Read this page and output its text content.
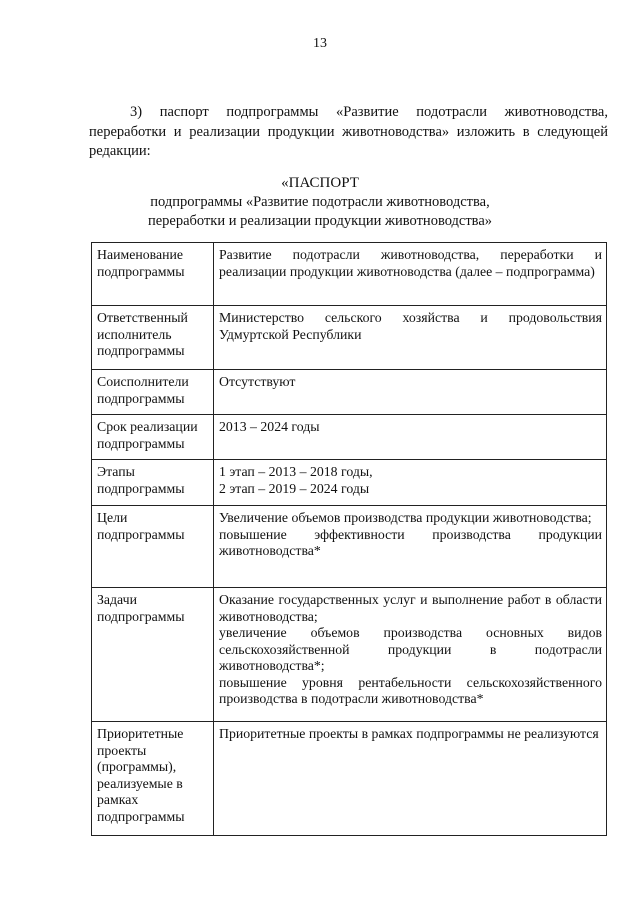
13
3) паспорт подпрограммы «Развитие подотрасли животноводства, переработки и реализации продукции животноводства» изложить в следующей редакции:
«ПАСПОРТ
подпрограммы «Развитие подотрасли животноводства,
переработки и реализации продукции животноводства»
Наименование подпрограммы	Развитие подотрасли животноводства, переработки и реализации продукции животноводства (далее – подпрограмма)
Ответственный исполнитель подпрограммы	Министерство сельского хозяйства и продовольствия Удмуртской Республики
Соисполнители подпрограммы	Отсутствуют
Срок реализации подпрограммы	2013 – 2024 годы
Этапы подпрограммы	1 этап – 2013 – 2018 годы,
2 этап – 2019 – 2024 годы

Цели подпрограммы	Увеличение объемов производства продукции животноводства;
повышение эффективности производства продукции животноводства*

Задачи подпрограммы	Оказание государственных услуг и выполнение работ в области животноводства;
увеличение объемов производства основных видов сельскохозяйственной продукции в подотрасли животноводства*;
повышение уровня рентабельности сельскохозяйственного производства в подотрасли животноводства*

Приоритетные проекты (программы), реализуемые в рамках подпрограммы	Приоритетные проекты в рамках подпрограммы не реализуются
